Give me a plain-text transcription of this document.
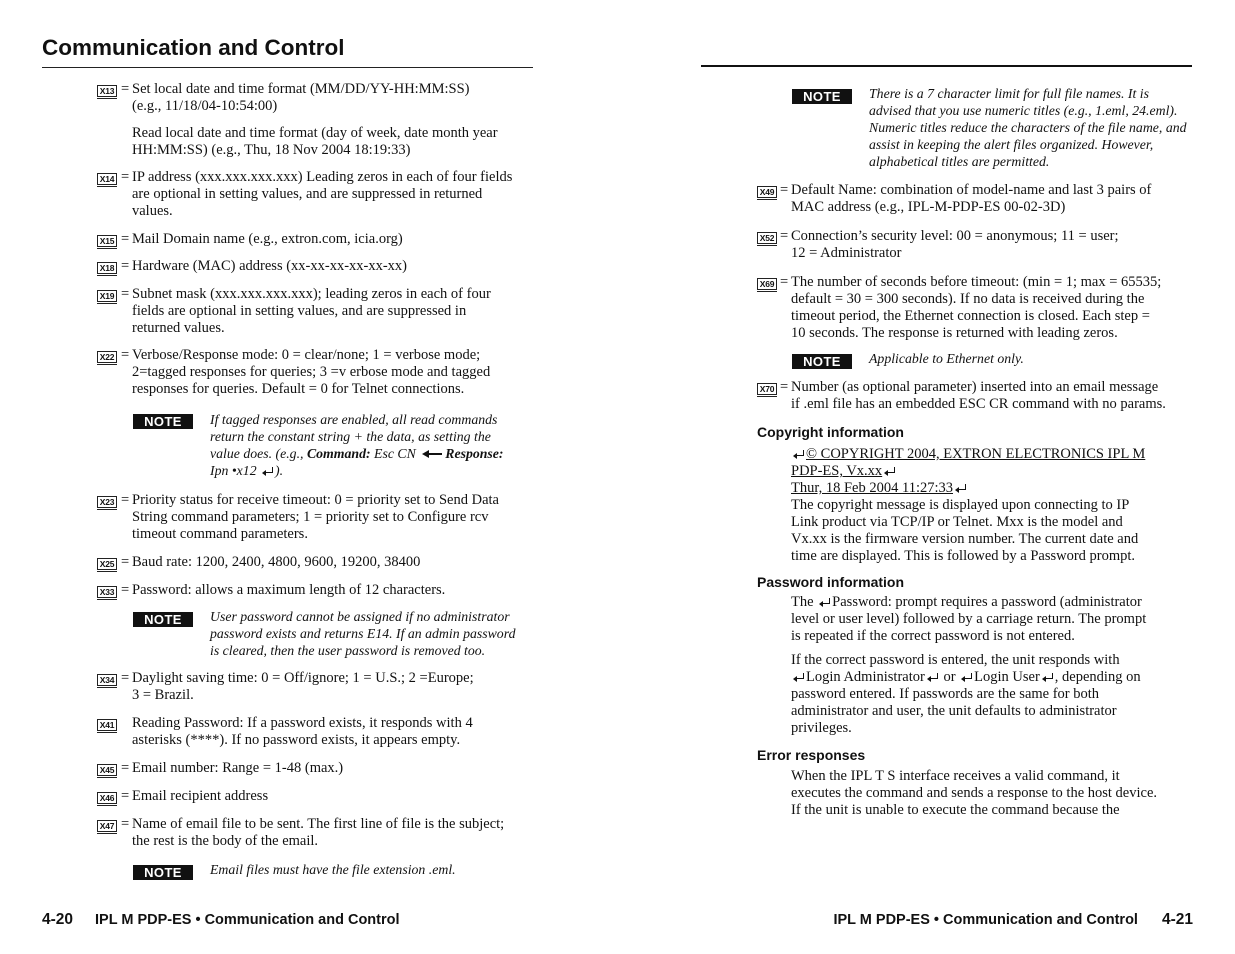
Communication and Control
X13 = Set local date and time format (MM/DD/YY-HH:MM:SS)
(e.g., 11/18/04-10:54:00)
Read local date and time format (day of week, date month year
HH:MM:SS) (e.g., Thu, 18 Nov 2004 18:19:33)
X14 = IP address (xxx.xxx.xxx.xxx) Leading zeros in each of four fields
are optional in setting values, and are suppressed in returned
values.
X15 = Mail Domain name (e.g., extron.com, icia.org)
X18 = Hardware (MAC) address (xx-xx-xx-xx-xx-xx)
X19 = Subnet mask (xxx.xxx.xxx.xxx); leading zeros in each of four
fields are optional in setting values, and are suppressed in
returned values.
X22 = Verbose/Response mode: 0 = clear/none; 1 = verbose mode;
2=tagged responses for queries; 3 =v erbose mode and tagged
responses for queries. Default = 0 for Telnet connections.
X23 = Priority status for receive timeout: 0 = priority set to Send Data
String command parameters; 1 = priority set to Configure rcv
timeout command parameters.
X25 = Baud rate: 1200, 2400, 4800, 9600, 19200, 38400
X33 = Password: allows a maximum length of 12 characters.
X34 = Daylight saving time: 0 = Off/ignore; 1 = U.S.; 2 =Europe;
3 = Brazil.
X41 Reading Password: If a password exists, it responds with 4
asterisks (****). If no password exists, it appears empty.
X45 = Email number: Range = 1-48 (max.)
X46 = Email recipient address
X47 = Name of email file to be sent. The first line of file is the subject;
the rest is the body of the email.
NOTE	If tagged responses are enabled, all read commands
return the constant string + the data, as setting the
value does. (e.g., Command: Esc CN Response:
Ipn •x12
).
NOTE	User password cannot be assigned if no administrator
password exists and returns E14. If an admin password
is cleared, then the user password is removed too.
NOTE	Email files must have the file extension .eml.
NOTE	There is a 7 character limit for full file names. It is
advised that you use numeric titles (e.g., 1.eml, 24.eml).
Numeric titles reduce the characters of the file name, and
assist in keeping the alert files organized. However,
alphabetical titles are permitted.
X49 = Default Name: combination of model-name and last 3 pairs of
MAC address (e.g., IPL-M-PDP-ES 00-02-3D)
X52 = Connection’s security level: 00 = anonymous; 11 = user;
12 = Administrator
X69 = The number of seconds before timeout: (min = 1; max = 65535;
default = 30 = 300 seconds). If no data is received during the
timeout period, the Ethernet connection is closed. Each step =
10 seconds. The response is returned with leading zeros.
X70 = Number (as optional parameter) inserted into an email message
if .eml file has an embedded ESC CR command with no params.
NOTE	Applicable to Ethernet only.
Copyright information
© COPYRIGHT 2004, EXTRON ELECTRONICS IPL M
PDP-ES, Vx.xx
Thur, 18 Feb 2004 11:27:33
The copyright message is displayed upon connecting to IP
Link product via TCP/IP or Telnet. Mxx is the model and
Vx.xx is the firmware version number. The current date and
time are displayed. This is followed by a Password prompt.
Password information
The
Password: prompt requires a password (administrator
level or user level) followed by a carriage return. The prompt
is repeated if the correct password is not entered.
If the correct password is entered, the unit responds with
Login Administrator
or
Login User , depending on
password entered. If passwords are the same for both
administrator and user, the unit defaults to administrator
privileges.
Error responses
When the IPL T S interface receives a valid command, it
executes the command and sends a response to the host device.
If the unit is unable to execute the command because the
4-20 IPL M PDP-ES • Communication and Control	IPL M PDP-ES • Communication and Control 4-21
